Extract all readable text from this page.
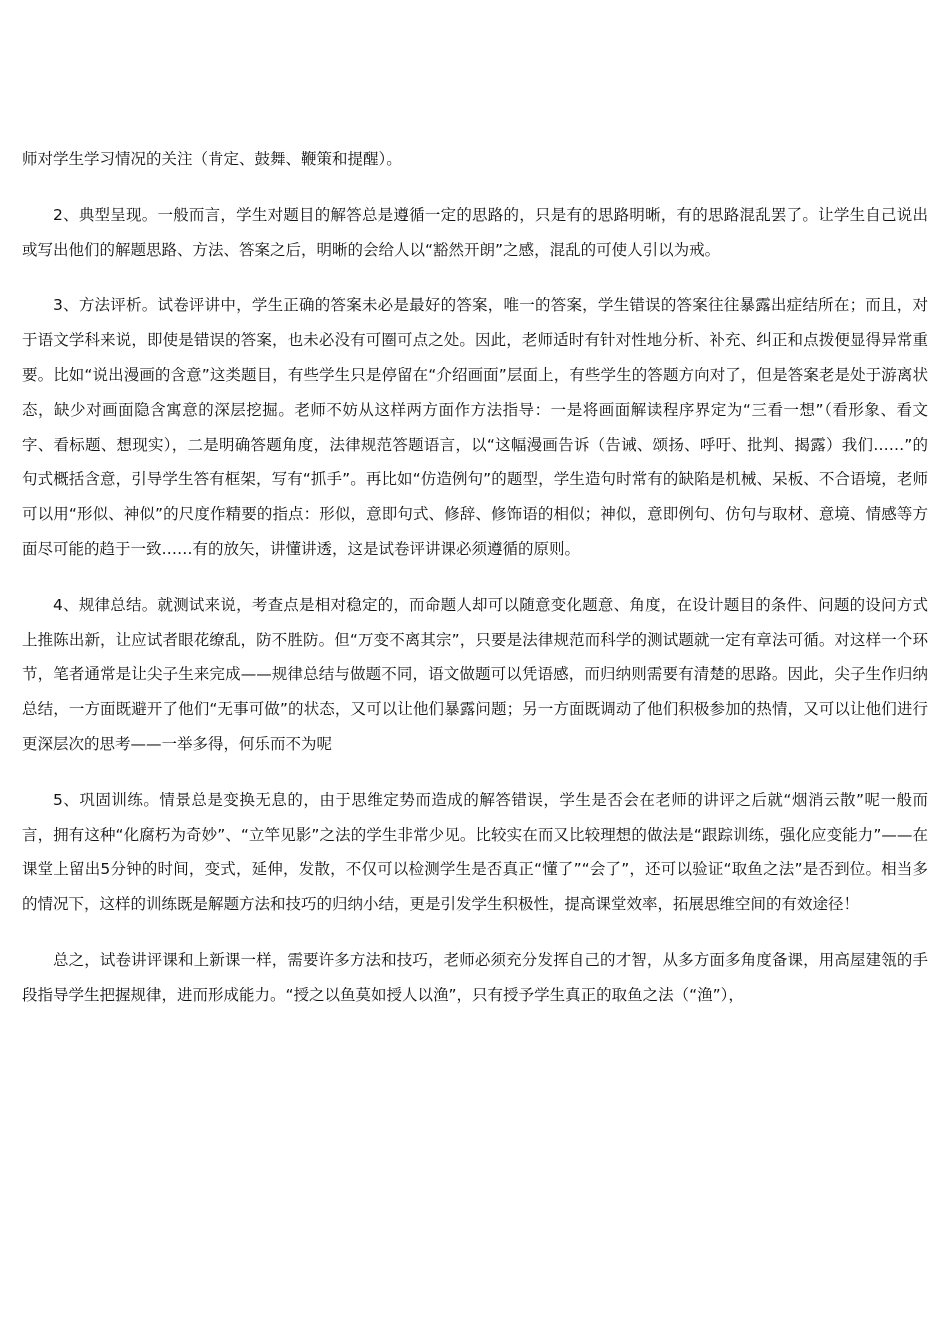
师对学生学习情况的关注（肯定、鼓舞、鞭策和提醒）。

2、典型呈现。一般而言，学生对题目的解答总是遵循一定的思路的，只是有的思路明晰，有的思路混乱罢了。让学生自己说出或写出他们的解题思路、方法、答案之后，明晰的会给人以“豁然开朗”之感，混乱的可使人引以为戒。

3、方法评析。试卷评讲中，学生正确的答案未必是最好的答案，唯一的答案，学生错误的答案往往暴露出症结所在；而且，对于语文学科来说，即使是错误的答案，也未必没有可圈可点之处。因此，老师适时有针对性地分析、补充、纠正和点拨便显得异常重要。比如“说出漫画的含意”这类题目，有些学生只是停留在“介绍画面”层面上，有些学生的答题方向对了，但是答案老是处于游离状态，缺少对画面隐含寓意的深层挖掘。老师不妨从这样两方面作方法指导：一是将画面解读程序界定为“三看一想”（看形象、看文字、看标题、想现实），二是明确答题角度，法律规范答题语言，以“这幅漫画告诉（告诫、颂扬、呼吁、批判、揭露）我们……”的句式概括含意，引导学生答有框架，写有“抓手”。再比如“仿造例句”的题型，学生造句时常有的缺陷是机械、呆板、不合语境，老师可以用“形似、神似”的尺度作精要的指点：形似，意即句式、修辞、修饰语的相似；神似，意即例句、仿句与取材、意境、情感等方面尽可能的趋于一致……有的放矢，讲懂讲透，这是试卷评讲课必须遵循的原则。

4、规律总结。就测试来说，考查点是相对稳定的，而命题人却可以随意变化题意、角度，在设计题目的条件、问题的设问方式上推陈出新，让应试者眼花缭乱，防不胜防。但“万变不离其宗”，只要是法律规范而科学的测试题就一定有章法可循。对这样一个环节，笔者通常是让尖子生来完成——规律总结与做题不同，语文做题可以凭语感，而归纳则需要有清楚的思路。因此，尖子生作归纳总结，一方面既避开了他们“无事可做”的状态，又可以让他们暴露问题；另一方面既调动了他们积极参加的热情，又可以让他们进行更深层次的思考——一举多得，何乐而不为呢

5、巩固训练。情景总是变换无息的，由于思维定势而造成的解答错误，学生是否会在老师的讲评之后就“烟消云散”呢一般而言，拥有这种“化腐朽为奇妙”、“立竿见影”之法的学生非常少见。比较实在而又比较理想的做法是“跟踪训练，强化应变能力”——在课堂上留出5分钟的时间，变式，延伸，发散，不仅可以检测学生是否真正“懂了”“会了”，还可以验证“取鱼之法”是否到位。相当多的情况下，这样的训练既是解题方法和技巧的归纳小结，更是引发学生积极性，提高课堂效率，拓展思维空间的有效途径！

总之，试卷讲评课和上新课一样，需要许多方法和技巧，老师必须充分发挥自己的才智，从多方面多角度备课，用高屋建瓴的手段指导学生把握规律，进而形成能力。“授之以鱼莫如授人以渔”，只有授予学生真正的取鱼之法（“渔”），
